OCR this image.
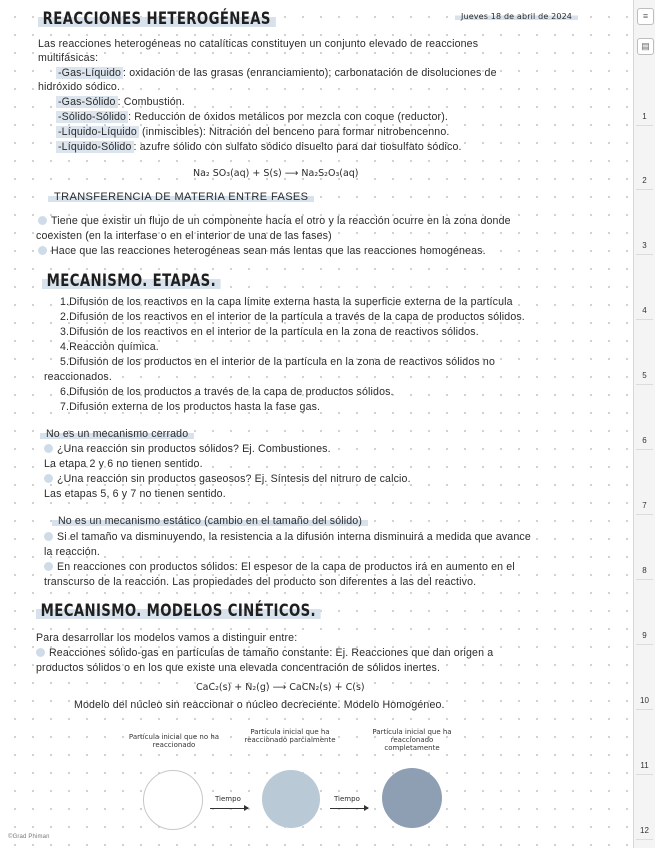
REACCIONES HETEROGÉNEAS	Jueves 18 de abril de 2024
Las reacciones heterogéneas no catalíticas constituyen un conjunto elevado de reacciones
multifásicas:
-Gas-Líquido : oxidación de las grasas (enranciamiento); carbonatación de disoluciones de
hidróxido sódico.
-Gas-Sólido : Combustión.
-Sólido-Sólido : Reducción de óxidos metálicos por mezcla con coque (reductor).
-Líquido-Líquido (inmiscibles): Nitración del benceno para formar nitrobencenno.
-Líquido-Sólido : azufre sólido con sulfato sódico disuelto para dar tiosulfato sódico.
Na₂ SO₃(aq) + S(s) ⟶ Na₂S₂O₃(aq)
TRANSFERENCIA DE MATERIA ENTRE FASES
Tiene que existir un flujo de un componente hacia el otro y la reacción ocurre en la zona donde
coexisten (en la interfase o en el interior de una de las fases)
Hace que las reacciones heterogéneas sean más lentas que las reacciones homogéneas.
MECANISMO. ETAPAS.
1.Difusión de los reactivos en la capa límite externa hasta la superficie externa de la partícula
2.Difusión de los reactivos en el interior de la partícula a través de la capa de productos sólidos.
3.Difusión de los reactivos en el interior de la partícula en la zona de reactivos sólidos.
4.Reacción química.
5.Difusión de los productos en el interior de la partícula en la zona de reactivos sólidos no
reaccionados.
6.Difusión de los productos a través de la capa de productos sólidos.
7.Difusión externa de los productos hasta la fase gas.
No es un mecanismo cerrado
¿Una reacción sin productos sólidos? Ej. Combustiones.
La etapa 2 y 6 no tienen sentido.
¿Una reacción sin productos gaseosos? Ej. Síntesis del nitruro de calcio.
Las etapas 5, 6 y 7 no tienen sentido.
No es un mecanismo estático (cambio en el tamaño del sólido)
Si el tamaño va disminuyendo, la resistencia a la difusión interna disminuirá a medida que avance
la reacción.
En reacciones con productos sólidos: El espesor de la capa de productos irá en aumento en el
transcurso de la reacción. Las propiedades del producto son diferentes a las del reactivo.
MECANISMO. MODELOS CINÉTICOS.
Para desarrollar los modelos vamos a distinguir entre:
Reacciones sólido-gas en partículas de tamaño constante: Ej. Reacciones que dan origen a
productos sólidos o en los que existe una elevada concentración de sólidos inertes.
CaC₂(s) + N₂(g) ⟶ CaCN₂(s) + C(s)
Modelo del núcleo sin reaccionar o núcleo decreciente. Modelo Homogéneo.
Partícula inicial que no ha reaccionado
Partícula inicial que ha reaccionado parcialmente
Partícula inicial que ha reaccionado completamente
Tiempo	Tiempo
©Grad Phiman
≡
▤
1
2
3
4
5
6
7
8
9
10
11
12
